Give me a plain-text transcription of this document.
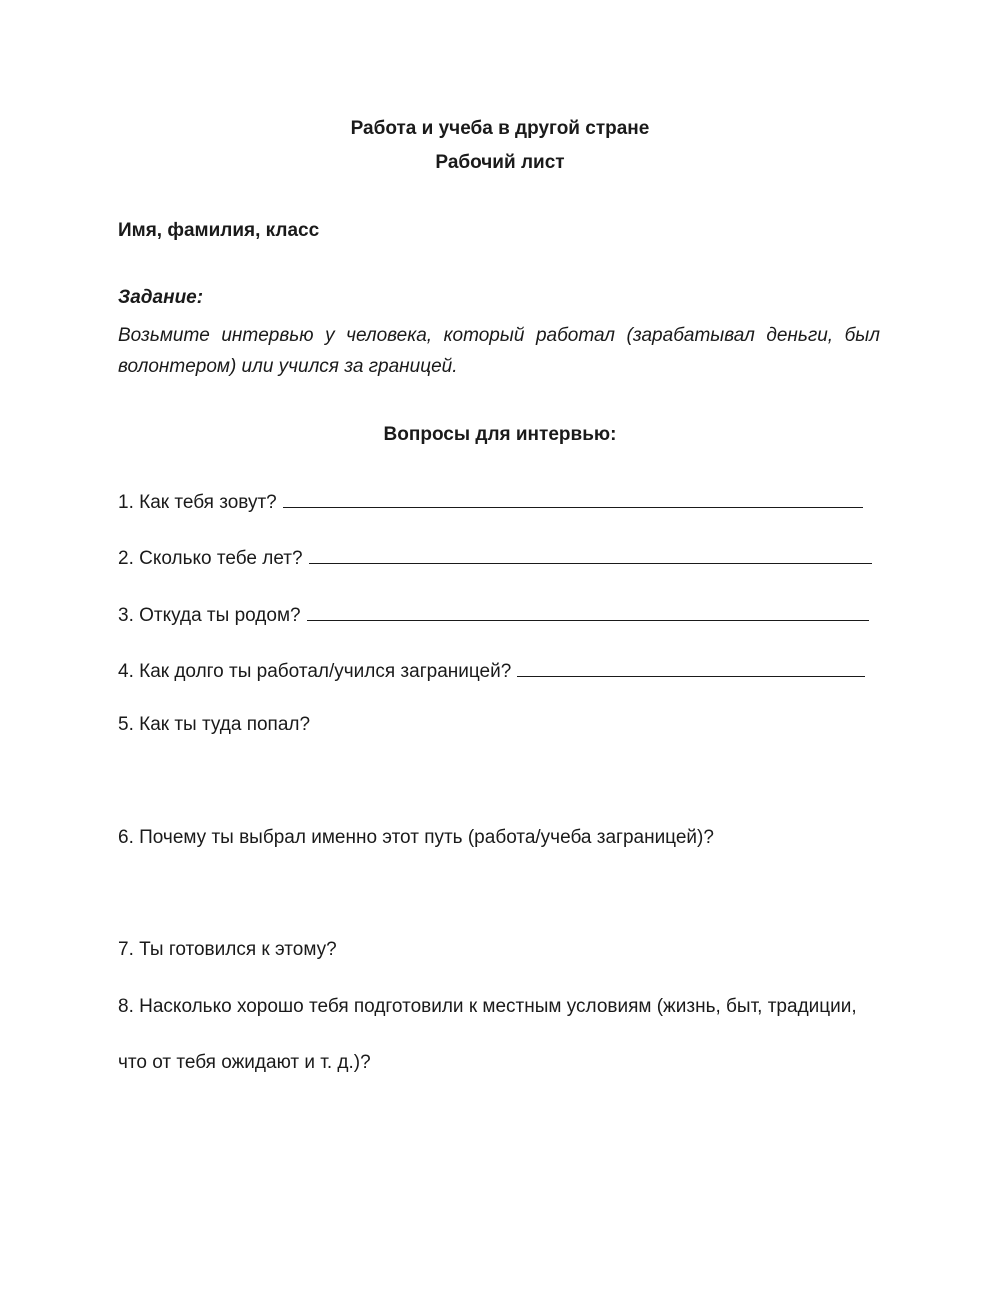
Работа и учеба в другой стране
Рабочий лист
Имя, фамилия, класс
Задание:
Возьмите интервью у человека, который работал (зарабатывал деньги, был волонтером) или учился за границей.
Вопросы для интервью:
1. Как тебя зовут?
2. Сколько тебе лет?
3. Откуда ты родом?
4. Как долго ты работал/учился заграницей?
5. Как ты туда попал?
6. Почему ты выбрал именно этот путь (работа/учеба заграницей)?
7. Ты готовился к этому?
8. Насколько хорошо тебя подготовили к местным условиям (жизнь, быт, традиции,
что от тебя ожидают и т. д.)?
